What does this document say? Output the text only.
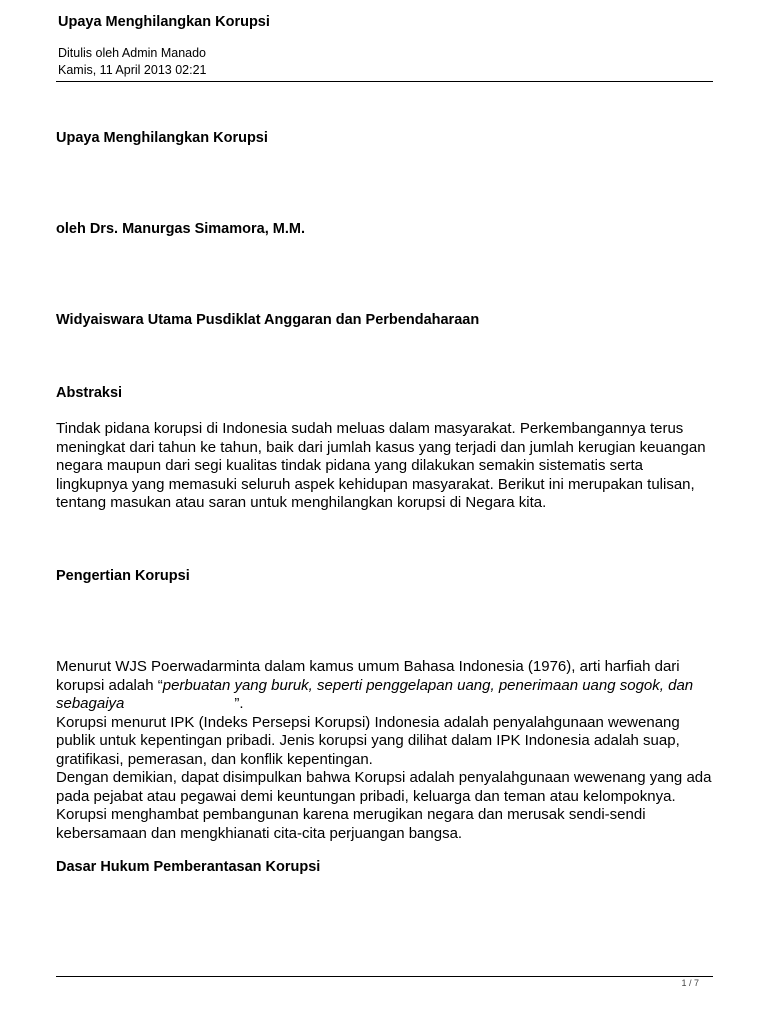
Upaya Menghilangkan Korupsi
Ditulis oleh Admin Manado
Kamis, 11 April 2013 02:21
Upaya Menghilangkan Korupsi
oleh Drs. Manurgas Simamora, M.M.
Widyaiswara Utama Pusdiklat Anggaran dan Perbendaharaan
Abstraksi

Tindak pidana korupsi di Indonesia sudah meluas dalam masyarakat. Perkembangannya terus meningkat dari tahun ke tahun, baik dari jumlah kasus yang terjadi dan jumlah kerugian keuangan negara maupun dari segi kualitas tindak pidana yang dilakukan semakin sistematis serta lingkupnya yang memasuki seluruh aspek kehidupan masyarakat. Berikut ini merupakan tulisan, tentang masukan atau saran untuk menghilangkan korupsi di Negara kita.

Pengertian Korupsi

Menurut WJS Poerwadarminta dalam kamus umum Bahasa Indonesia (1976), arti harfiah dari korupsi adalah “perbuatan yang buruk, seperti penggelapan uang, penerimaan uang sogok, dan sebagaiya	”.

Korupsi menurut IPK (Indeks Persepsi Korupsi) Indonesia adalah penyalahgunaan wewenang publik untuk kepentingan pribadi. Jenis korupsi yang dilihat dalam IPK Indonesia adalah suap, gratifikasi, pemerasan, dan konflik kepentingan.

Dengan demikian, dapat disimpulkan bahwa Korupsi adalah penyalahgunaan wewenang yang ada pada pejabat atau pegawai demi keuntungan pribadi, keluarga dan teman atau kelompoknya. Korupsi menghambat pembangunan karena merugikan negara dan merusak sendi-sendi kebersamaan dan mengkhianati cita-cita perjuangan bangsa.

Dasar Hukum Pemberantasan Korupsi
1 / 7
